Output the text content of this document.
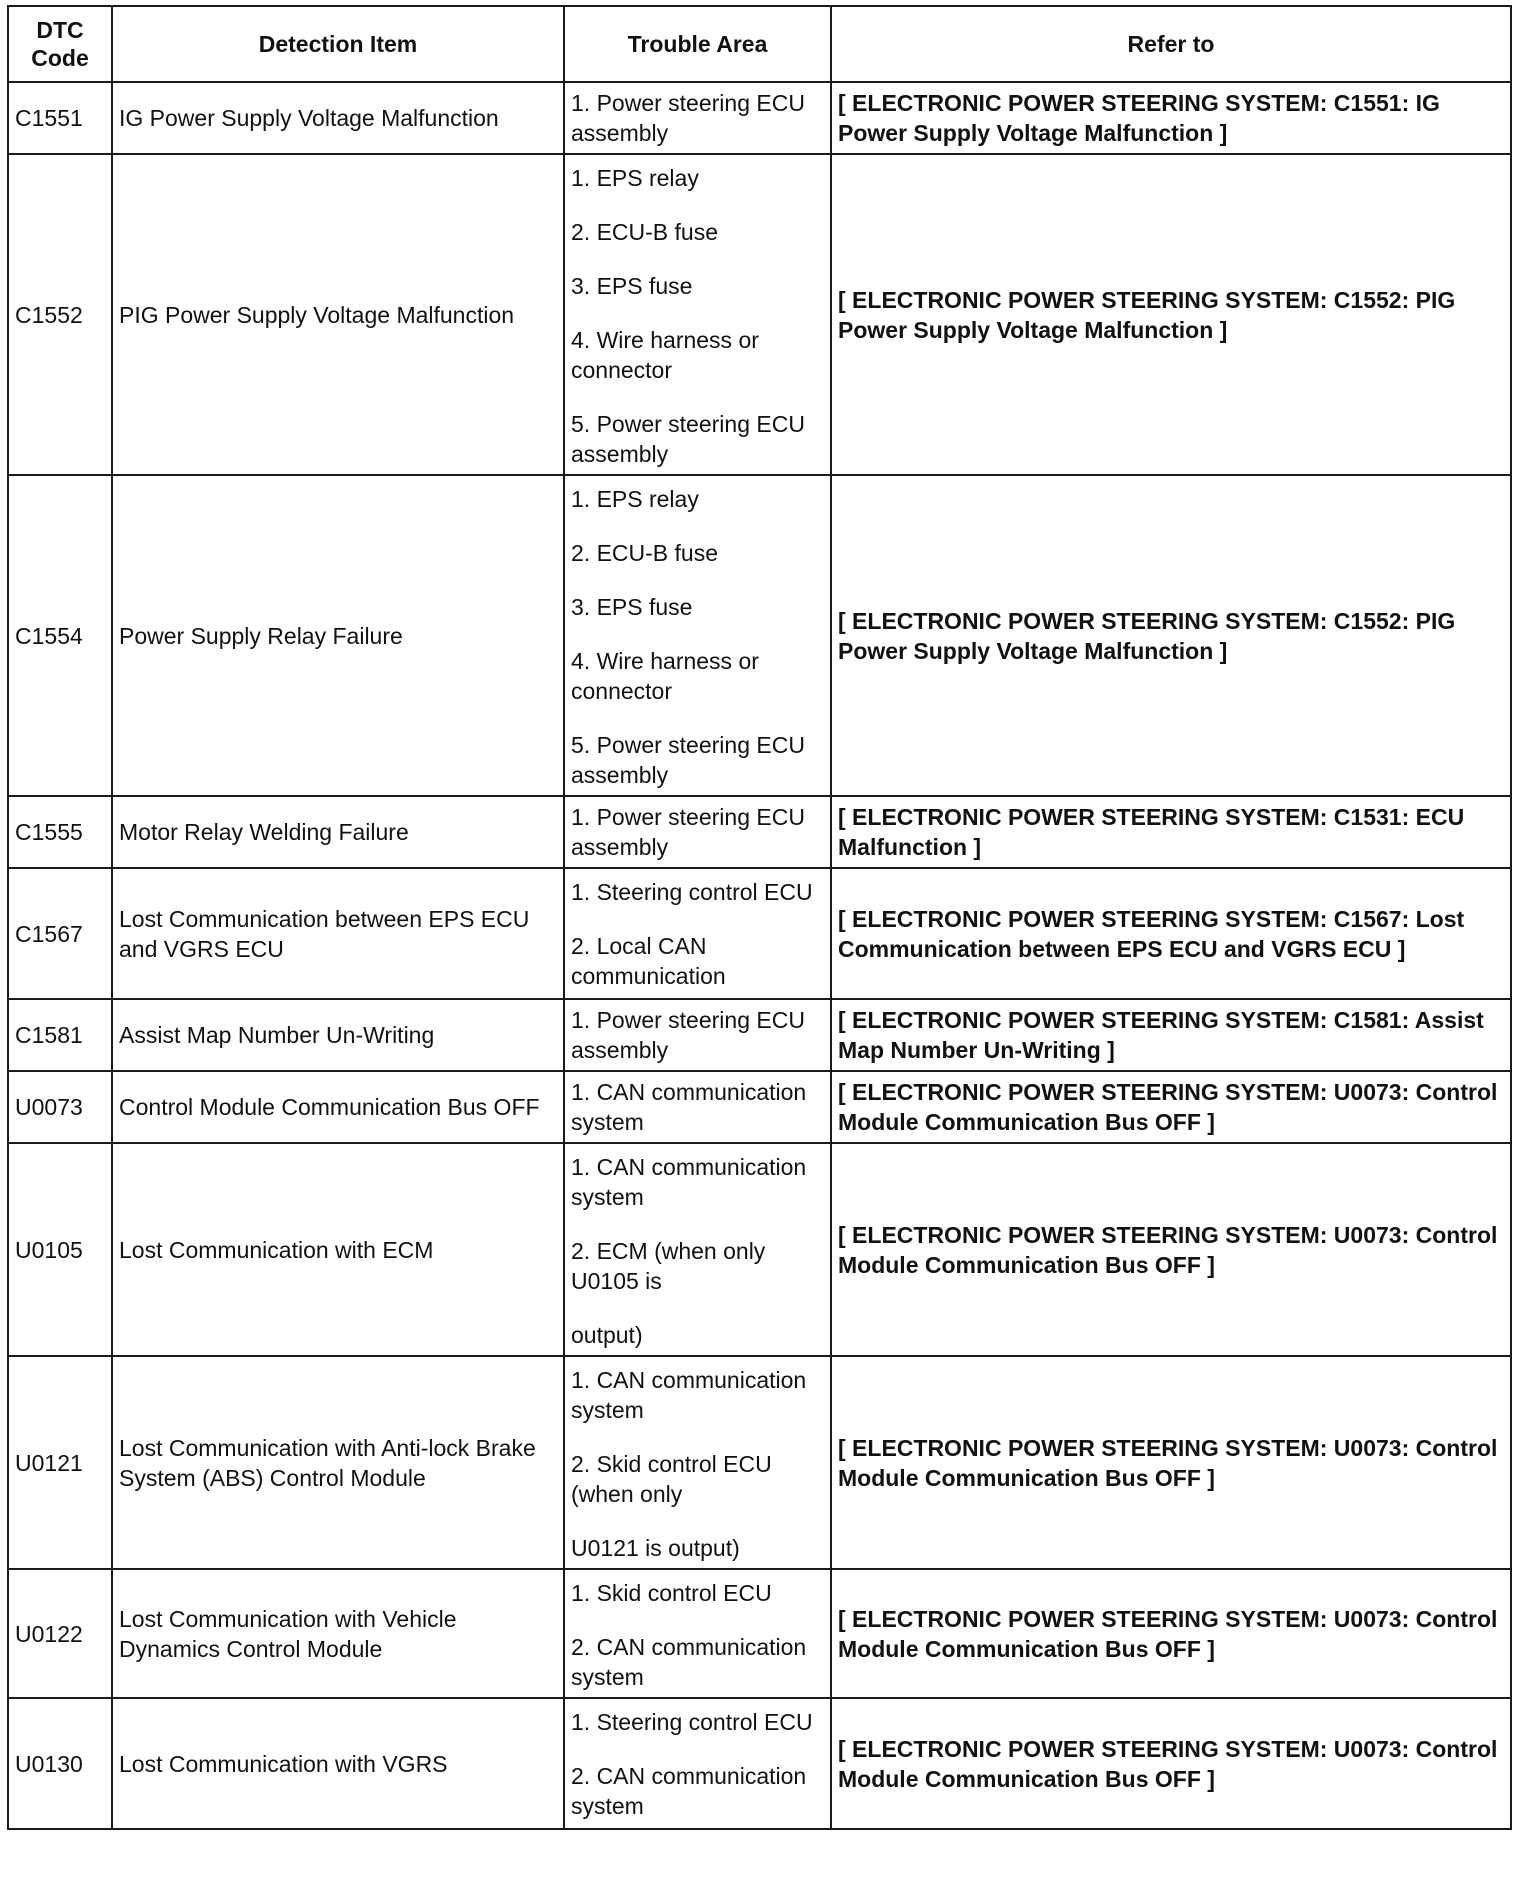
DTC Code	Detection Item	Trouble Area	Refer to
C1551	IG Power Supply Voltage Malfunction	1. Power steering ECU assembly	[ ELECTRONIC POWER STEERING SYSTEM: C1551: IG Power Supply Voltage Malfunction ]
C1552	PIG Power Supply Voltage Malfunction	1. EPS relay
2. ECU-B fuse
3. EPS fuse
4. Wire harness or connector
5. Power steering ECU assembly	[ ELECTRONIC POWER STEERING SYSTEM: C1552: PIG Power Supply Voltage Malfunction ]
C1554	Power Supply Relay Failure	1. EPS relay
2. ECU-B fuse
3. EPS fuse
4. Wire harness or connector
5. Power steering ECU assembly	[ ELECTRONIC POWER STEERING SYSTEM: C1552: PIG Power Supply Voltage Malfunction ]
C1555	Motor Relay Welding Failure	1. Power steering ECU assembly	[ ELECTRONIC POWER STEERING SYSTEM: C1531: ECU Malfunction ]
C1567	Lost Communication between EPS ECU and VGRS ECU	1. Steering control ECU
2. Local CAN communication	[ ELECTRONIC POWER STEERING SYSTEM: C1567: Lost Communication between EPS ECU and VGRS ECU ]
C1581	Assist Map Number Un-Writing	1. Power steering ECU assembly	[ ELECTRONIC POWER STEERING SYSTEM: C1581: Assist Map Number Un-Writing ]
U0073	Control Module Communication Bus OFF	1. CAN communication system	[ ELECTRONIC POWER STEERING SYSTEM: U0073: Control Module Communication Bus OFF ]
U0105	Lost Communication with ECM	1. CAN communication system
2. ECM (when only U0105 is
output)	[ ELECTRONIC POWER STEERING SYSTEM: U0073: Control Module Communication Bus OFF ]
U0121	Lost Communication with Anti-lock Brake System (ABS) Control Module	1. CAN communication system
2. Skid control ECU (when only
U0121 is output)	[ ELECTRONIC POWER STEERING SYSTEM: U0073: Control Module Communication Bus OFF ]
U0122	Lost Communication with Vehicle Dynamics Control Module	1. Skid control ECU
2. CAN communication system	[ ELECTRONIC POWER STEERING SYSTEM: U0073: Control Module Communication Bus OFF ]
U0130	Lost Communication with VGRS	1. Steering control ECU
2. CAN communication system	[ ELECTRONIC POWER STEERING SYSTEM: U0073: Control Module Communication Bus OFF ]
